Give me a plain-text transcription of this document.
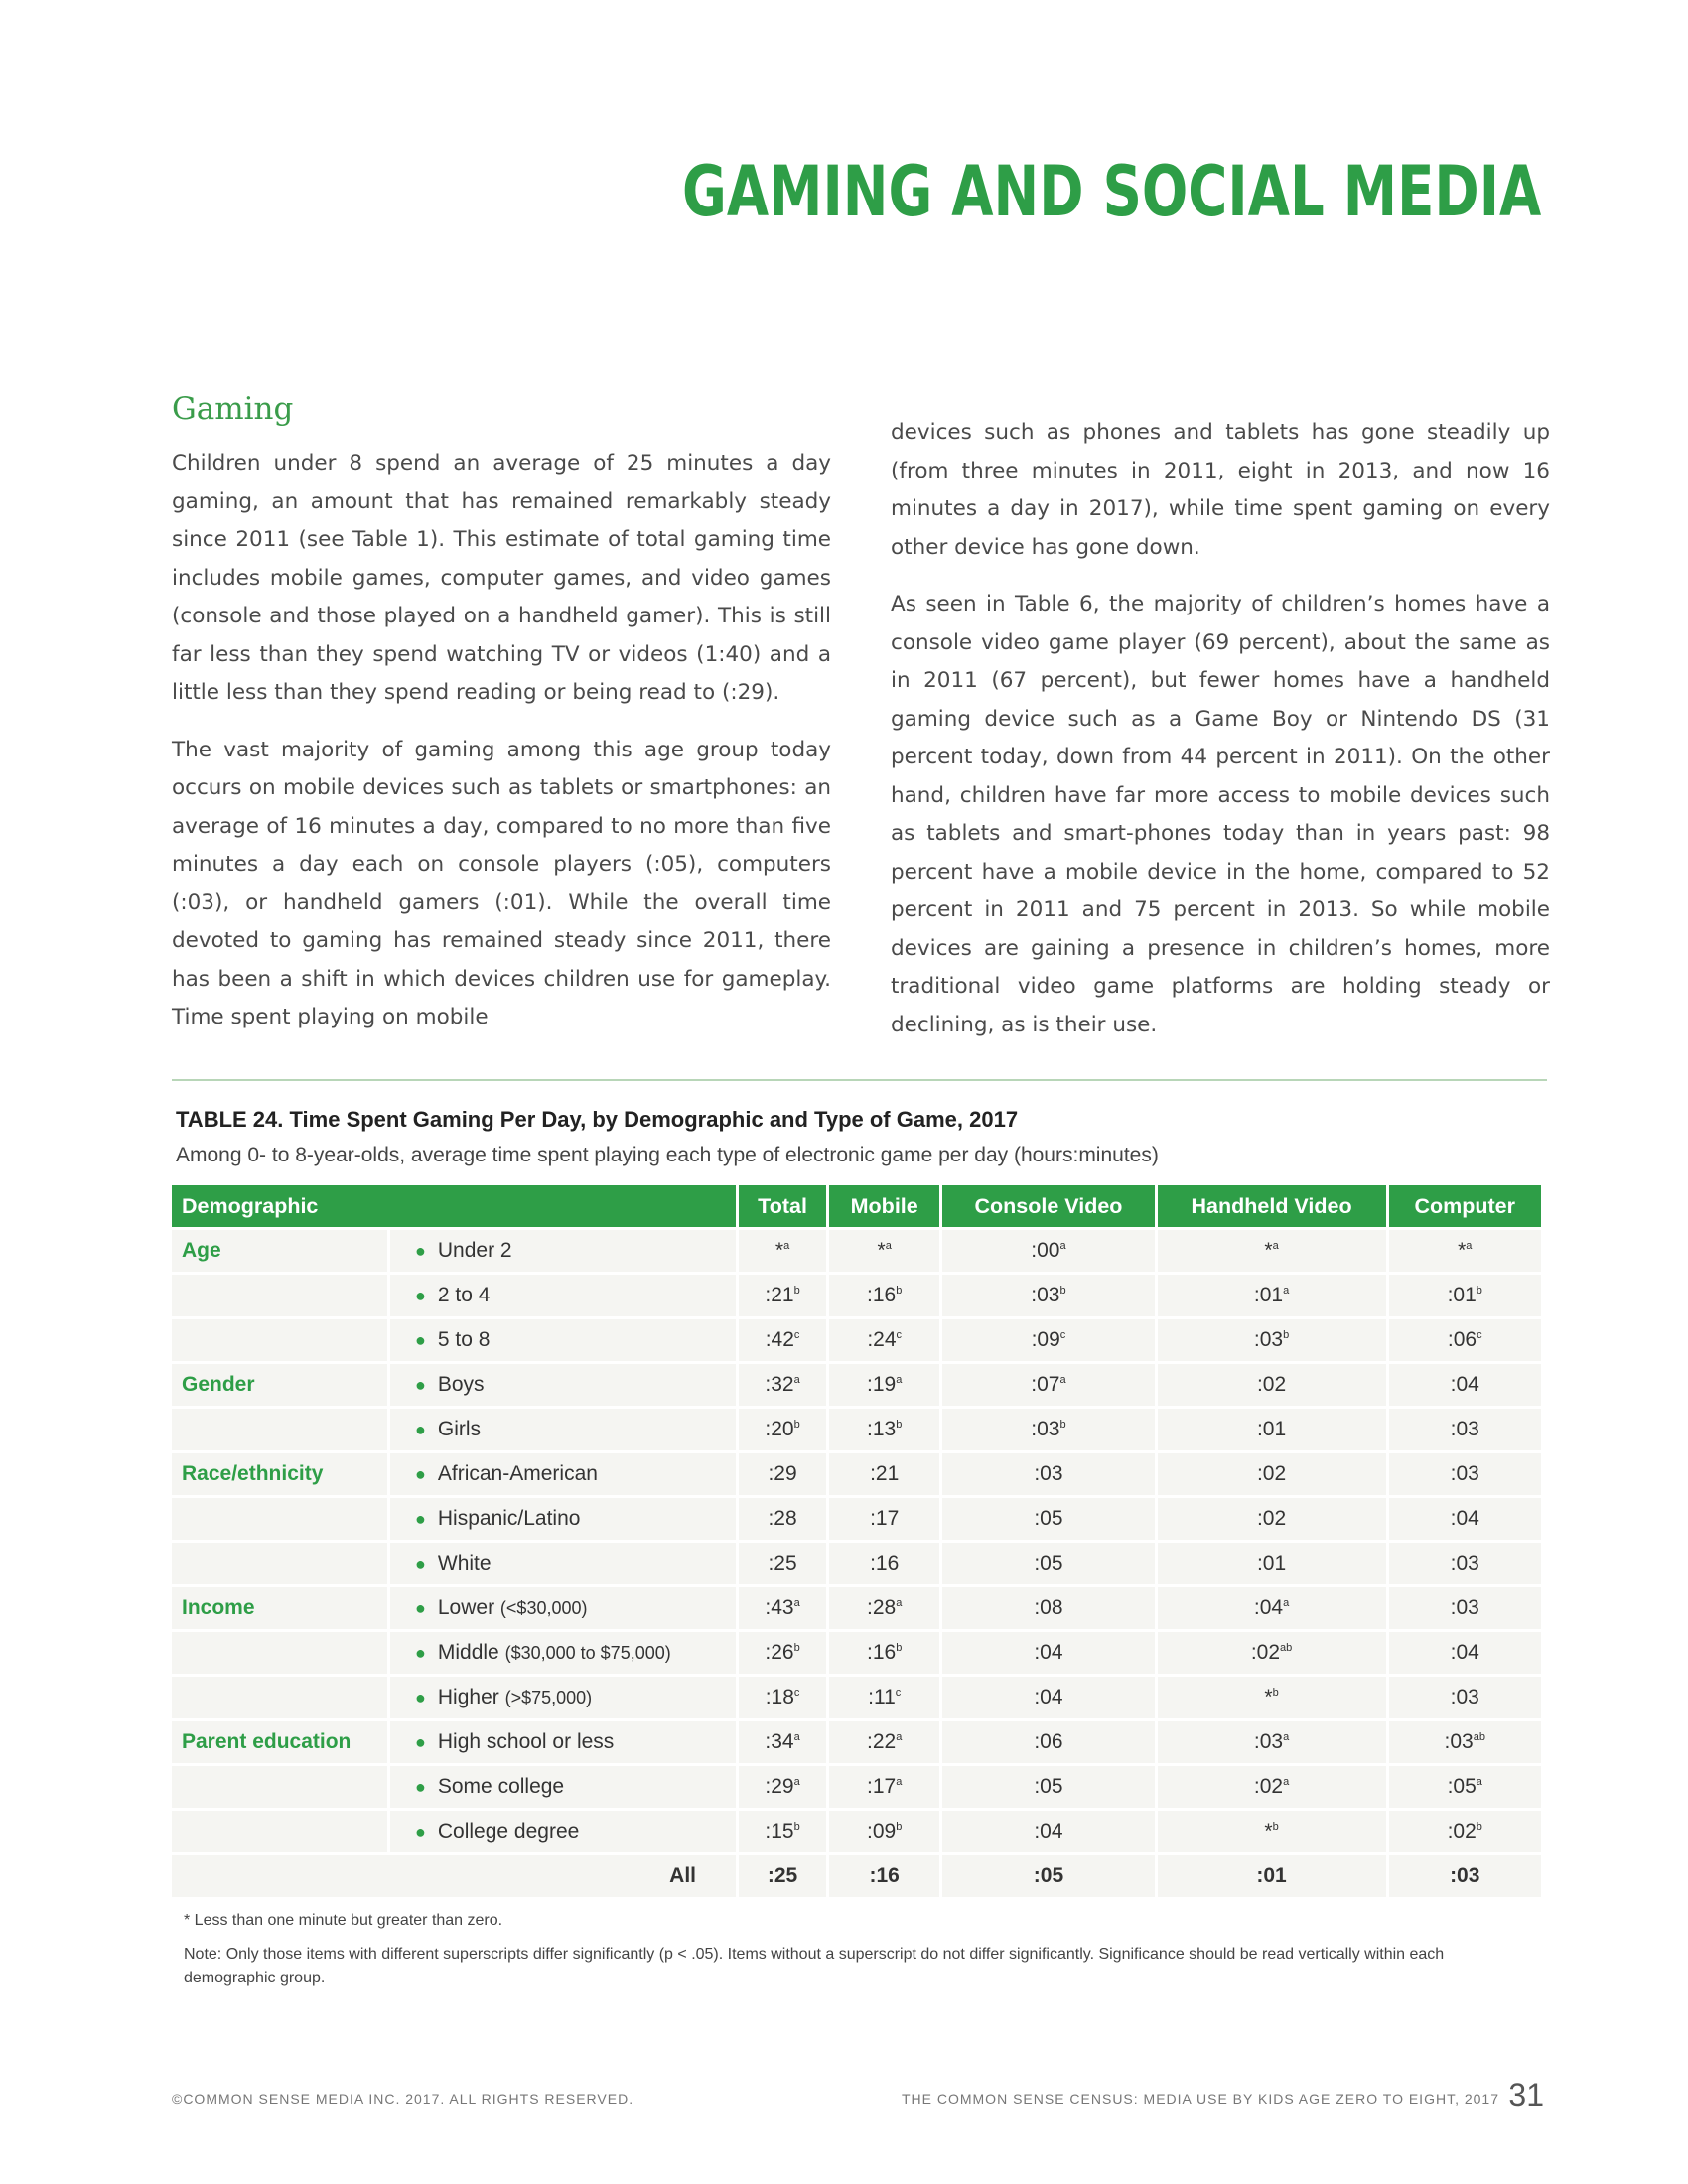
GAMING AND SOCIAL MEDIA
Gaming

Children under 8 spend an average of 25 minutes a day gaming, an amount that has remained remarkably steady since 2011 (see Table 1). This estimate of total gaming time includes mobile games, computer games, and video games (console and those played on a handheld gamer). This is still far less than they spend watching TV or videos (1:40) and a little less than they spend reading or being read to (:29).

The vast majority of gaming among this age group today occurs on mobile devices such as tablets or smartphones: an average of 16 minutes a day, compared to no more than five minutes a day each on console players (:05), computers (:03), or handheld gamers (:01). While the overall time devoted to gaming has remained steady since 2011, there has been a shift in which devices children use for gameplay. Time spent playing on mobile

devices such as phones and tablets has gone steadily up (from three minutes in 2011, eight in 2013, and now 16 minutes a day in 2017), while time spent gaming on every other device has gone down.

As seen in Table 6, the majority of children’s homes have a console video game player (69 percent), about the same as in 2011 (67 percent), but fewer homes have a handheld gaming device such as a Game Boy or Nintendo DS (31 percent today, down from 44 percent in 2011). On the other hand, children have far more access to mobile devices such as tablets and smart-phones today than in years past: 98 percent have a mobile device in the home, compared to 52 percent in 2011 and 75 percent in 2013. So while mobile devices are gaining a presence in children’s homes, more traditional video game platforms are holding steady or declining, as is their use.

TABLE 24. Time Spent Gaming Per Day, by Demographic and Type of Game, 2017
Among 0- to 8-year-olds, average time spent playing each type of electronic game per day (hours:minutes)
Demographic		Total	Mobile	Console Video	Handheld Video	Computer
Age	● Under 2	*$^a$	*$^a$	:00$^a$	*$^a$	*$^a$
	● 2 to 4	:21$^b$	:16$^b$	:03$^b$	:01$^a$	:01$^b$
	● 5 to 8	:42$^c$	:24$^c$	:09$^c$	:03$^b$	:06$^c$
Gender	● Boys	:32$^a$	:19$^a$	:07$^a$	:02	:04
	● Girls	:20$^b$	:13$^b$	:03$^b$	:01	:03
Race/ethnicity	● African-American	:29	:21	:03	:02	:03
	● Hispanic/Latino	:28	:17	:05	:02	:04
	● White	:25	:16	:05	:01	:03
Income	● Lower (<$30,000)	:43$^a$	:28$^a$	:08	:04$^a$	:03
	● Middle ($30,000 to $75,000)	:26$^b$	:16$^b$	:04	$:02^{ab}$	:04
	● Higher (>$75,000)	:18$^c$	:11$^c$	:04	*$^b$	:03
Parent education	● High school or less	:34$^a$	:22$^a$	:06	:03$^a$	$:03^{ab}$
	● Some college	:29$^a$	:17$^a$	:05	:02$^a$	:05$^a$
	● College degree	:15$^b$	:09$^b$	:04	*$^b$	:02$^b$
All		:25	:16	:05	:01	:03
* Less than one minute but greater than zero.
Note: Only those items with different superscripts differ significantly (p < .05). Items without a superscript do not differ significantly. Significance should be read vertically within each demographic group.
©COMMON SENSE MEDIA INC. 2017. ALL RIGHTS RESERVED.	THE COMMON SENSE CENSUS: MEDIA USE BY KIDS AGE ZERO TO EIGHT, 2017 31
